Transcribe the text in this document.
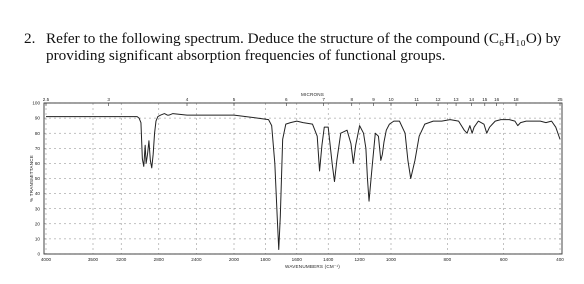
2. Refer to the following spectrum. Deduce the structure of the compound (C₆H₁₀O) by providing significant absorption frequencies of functional groups.
100
90
80
70
60
50
40
30
20
10
0
4000	3500	3200	2800	2400	2000	1800	1600	1400	1200	1000	800	600	400
2.5	3	4	5	6	7	8	9	10	11	12	13 14 15 16	18	25
MICRONS
WAVENUMBERS (CM⁻¹)
% TRANSMITTANCE
